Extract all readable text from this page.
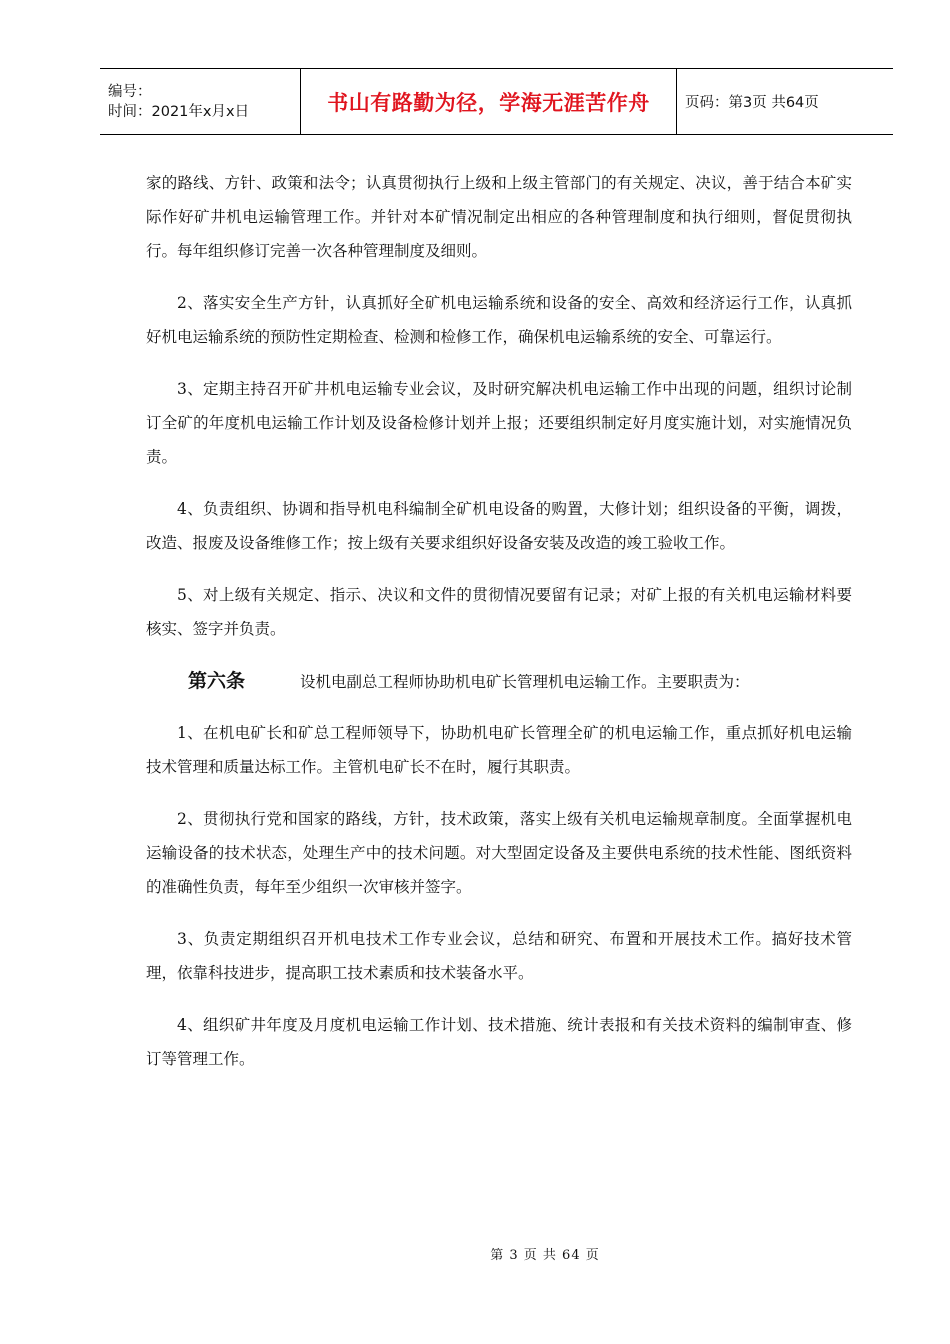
编号：
时间：2021年x月x日	书山有路勤为径，学海无涯苦作舟	页码：第3页 共64页

家的路线、方针、政策和法令；认真贯彻执行上级和上级主管部门的有关规定、决议，善于结合本矿实际作好矿井机电运输管理工作。并针对本矿情况制定出相应的各种管理制度和执行细则，督促贯彻执行。每年组织修订完善一次各种管理制度及细则。

2、落实安全生产方针，认真抓好全矿机电运输系统和设备的安全、高效和经济运行工作，认真抓好机电运输系统的预防性定期检查、检测和检修工作，确保机电运输系统的安全、可靠运行。

3、定期主持召开矿井机电运输专业会议，及时研究解决机电运输工作中出现的问题，组织讨论制订全矿的年度机电运输工作计划及设备检修计划并上报；还要组织制定好月度实施计划，对实施情况负责。

4、负责组织、协调和指导机电科编制全矿机电设备的购置，大修计划；组织设备的平衡，调拨，改造、报废及设备维修工作；按上级有关要求组织好设备安装及改造的竣工验收工作。

5、对上级有关规定、指示、决议和文件的贯彻情况要留有记录；对矿上报的有关机电运输材料要核实、签字并负责。

第六条	设机电副总工程师协助机电矿长管理机电运输工作。主要职责为：

1、在机电矿长和矿总工程师领导下，协助机电矿长管理全矿的机电运输工作，重点抓好机电运输技术管理和质量达标工作。主管机电矿长不在时，履行其职责。

2、贯彻执行党和国家的路线，方针，技术政策，落实上级有关机电运输规章制度。全面掌握机电运输设备的技术状态，处理生产中的技术问题。对大型固定设备及主要供电系统的技术性能、图纸资料的准确性负责，每年至少组织一次审核并签字。

3、负责定期组织召开机电技术工作专业会议，总结和研究、布置和开展技术工作。搞好技术管理，依靠科技进步，提高职工技术素质和技术装备水平。

4、组织矿井年度及月度机电运输工作计划、技术措施、统计表报和有关技术资料的编制审查、修订等管理工作。

第 3 页 共 64 页
